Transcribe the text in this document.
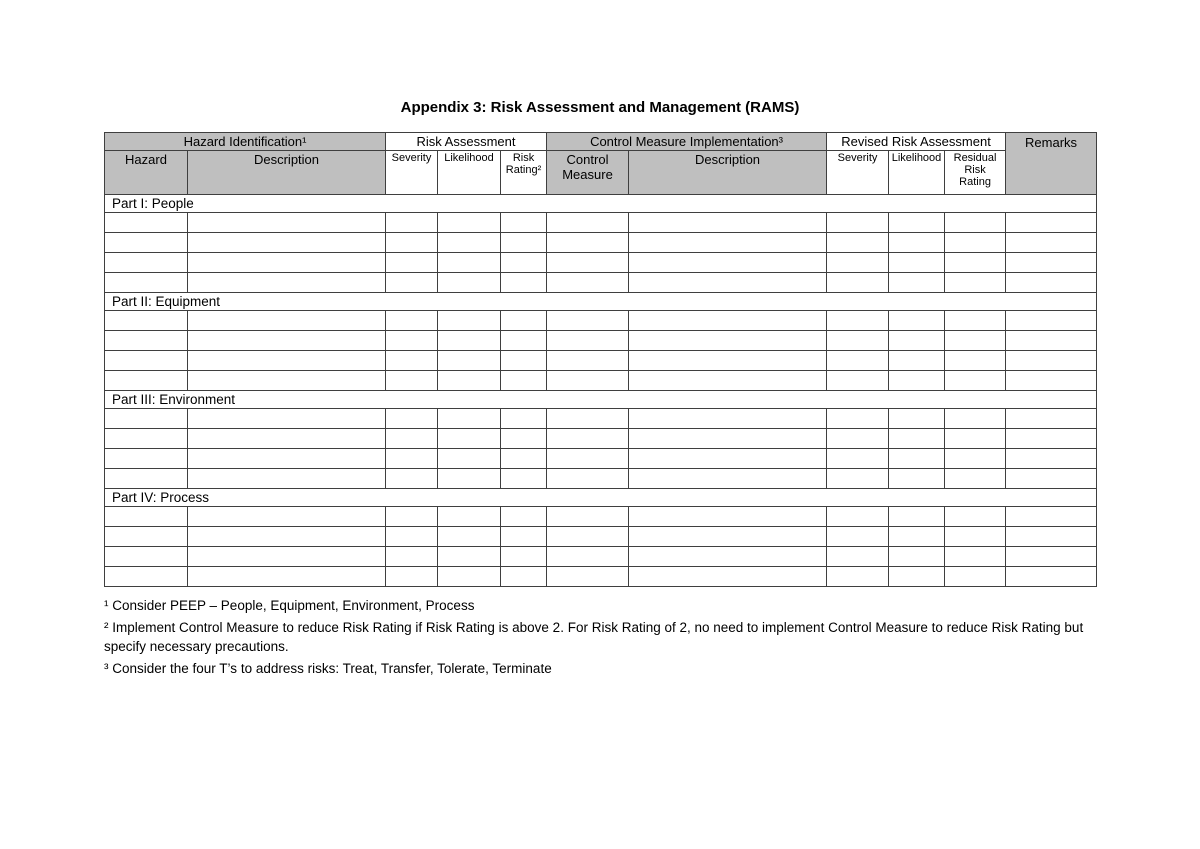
Appendix 3: Risk Assessment and Management (RAMS)
Hazard Identification¹		Risk Assessment			Control Measure Implementation³		Revised Risk Assessment			Remarks
Hazard	Description	Severity	Likelihood	Risk Rating²	Control Measure	Description	Severity	Likelihood	Residual Risk Rating	
Part I: People										

Part II: Equipment										

Part III: Environment										

Part IV: Process										

¹ Consider PEEP – People, Equipment, Environment, Process
² Implement Control Measure to reduce Risk Rating if Risk Rating is above 2. For Risk Rating of 2, no need to implement Control Measure to reduce Risk Rating but specify necessary precautions.
³ Consider the four T’s to address risks: Treat, Transfer, Tolerate, Terminate
